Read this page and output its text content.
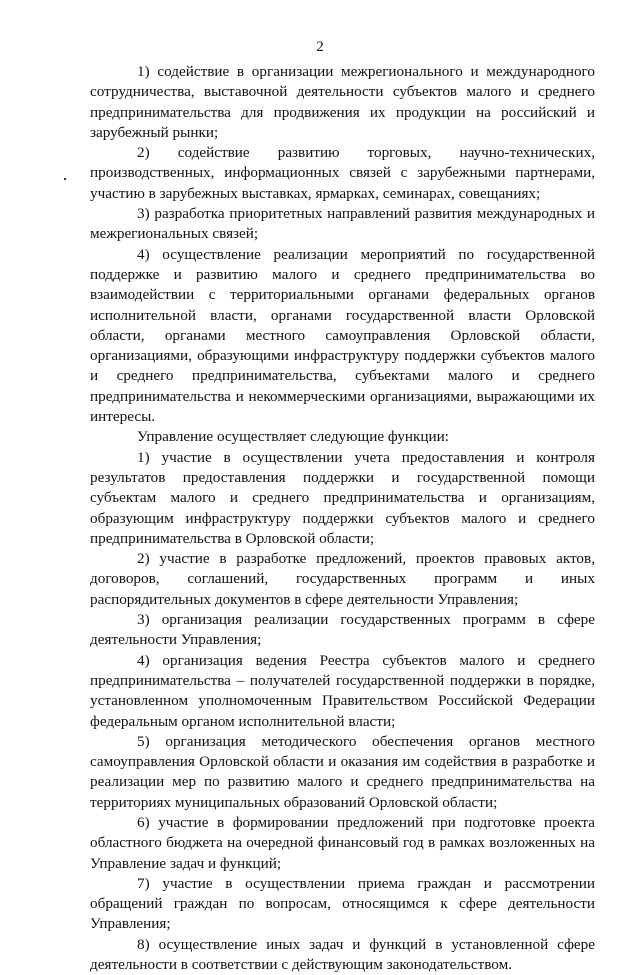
2

1) содействие в организации межрегионального и международного сотрудничества, выставочной деятельности субъектов малого и среднего предпринимательства для продвижения их продукции на российский и зарубежный рынки;

2) содействие развитию торговых, научно-технических, производственных, информационных связей с зарубежными партнерами, участию в зарубежных выставках, ярмарках, семинарах, совещаниях;

3) разработка приоритетных направлений развития международных и межрегиональных связей;

4) осуществление реализации мероприятий по государственной поддержке и развитию малого и среднего предпринимательства во взаимодействии с территориальными органами федеральных органов исполнительной власти, органами государственной власти Орловской области, органами местного самоуправления Орловской области, организациями, образующими инфраструктуру поддержки субъектов малого и среднего предпринимательства, субъектами малого и среднего предпринимательства и некоммерческими организациями, выражающими их интересы.

Управление осуществляет следующие функции:

1) участие в осуществлении учета предоставления и контроля результатов предоставления поддержки и государственной помощи субъектам малого и среднего предпринимательства и организациям, образующим инфраструктуру поддержки субъектов малого и среднего предпринимательства в Орловской области;

2) участие в разработке предложений, проектов правовых актов, договоров, соглашений, государственных программ и иных распорядительных документов в сфере деятельности Управления;

3) организация реализации государственных программ в сфере деятельности Управления;

4) организация ведения Реестра субъектов малого и среднего предпринимательства – получателей государственной поддержки в порядке, установленном уполномоченным Правительством Российской Федерации федеральным органом исполнительной власти;

5) организация методического обеспечения органов местного самоуправления Орловской области и оказания им содействия в разработке и реализации мер по развитию малого и среднего предпринимательства на территориях муниципальных образований Орловской области;

6) участие в формировании предложений при подготовке проекта областного бюджета на очередной финансовый год в рамках возложенных на Управление задач и функций;

7) участие в осуществлении приема граждан и рассмотрении обращений граждан по вопросам, относящимся к сфере деятельности Управления;

8) осуществление иных задач и функций в установленной сфере деятельности в соответствии с действующим законодательством.
